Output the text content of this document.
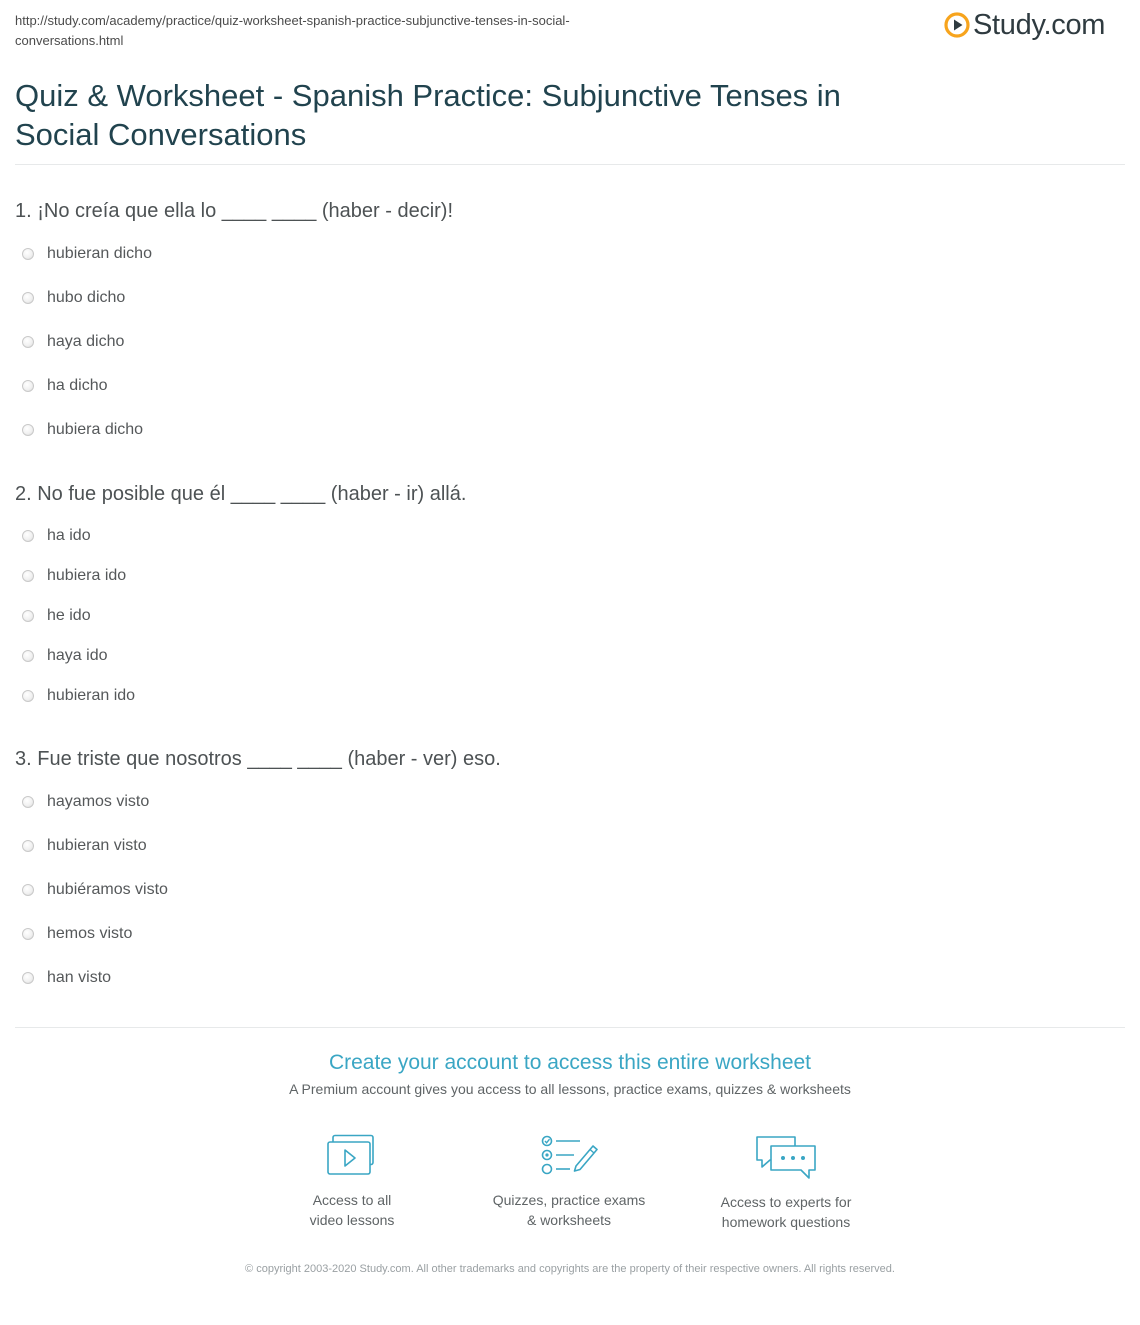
http://study.com/academy/practice/quiz-worksheet-spanish-practice-subjunctive-tenses-in-social-conversations.html	Study.com
Quiz & Worksheet - Spanish Practice: Subjunctive Tenses in Social Conversations
1. ¡No creía que ella lo ____ ____ (haber - decir)!
hubieran dicho
hubo dicho
haya dicho
ha dicho
hubiera dicho
2. No fue posible que él ____ ____ (haber - ir) allá.
ha ido
hubiera ido
he ido
haya ido
hubieran ido
3. Fue triste que nosotros ____ ____ (haber - ver) eso.
hayamos visto
hubieran visto
hubiéramos visto
hemos visto
han visto
Create your account to access this entire worksheet
A Premium account gives you access to all lessons, practice exams, quizzes & worksheets
Access to all
video lessons
Quizzes, practice exams
& worksheets
Access to experts for
homework questions
© copyright 2003-2020 Study.com. All other trademarks and copyrights are the property of their respective owners. All rights reserved.
